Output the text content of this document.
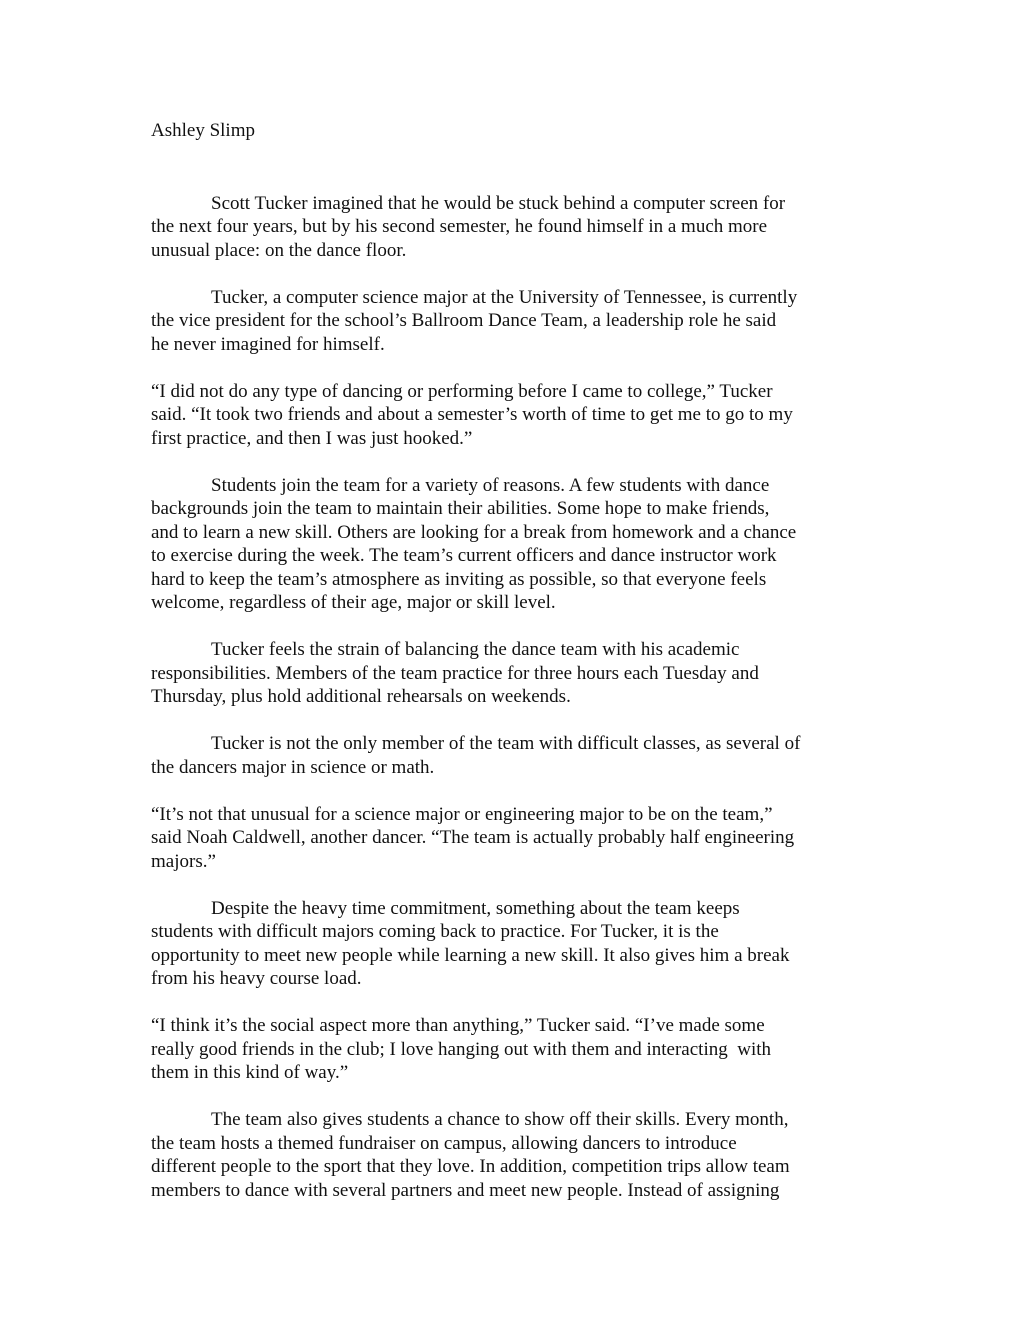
Ashley Slimp
Scott Tucker imagined that he would be stuck behind a computer screen for
the next four years, but by his second semester, he found himself in a much more
unusual place: on the dance floor.
Tucker, a computer science major at the University of Tennessee, is currently
the vice president for the school’s Ballroom Dance Team, a leadership role he said
he never imagined for himself.
“I did not do any type of dancing or performing before I came to college,” Tucker
said. “It took two friends and about a semester’s worth of time to get me to go to my
first practice, and then I was just hooked.”
Students join the team for a variety of reasons. A few students with dance
backgrounds join the team to maintain their abilities. Some hope to make friends,
and to learn a new skill. Others are looking for a break from homework and a chance
to exercise during the week. The team’s current officers and dance instructor work
hard to keep the team’s atmosphere as inviting as possible, so that everyone feels
welcome, regardless of their age, major or skill level.
Tucker feels the strain of balancing the dance team with his academic
responsibilities. Members of the team practice for three hours each Tuesday and
Thursday, plus hold additional rehearsals on weekends.
Tucker is not the only member of the team with difficult classes, as several of
the dancers major in science or math.
“It’s not that unusual for a science major or engineering major to be on the team,”
said Noah Caldwell, another dancer. “The team is actually probably half engineering
majors.”
Despite the heavy time commitment, something about the team keeps
students with difficult majors coming back to practice. For Tucker, it is the
opportunity to meet new people while learning a new skill. It also gives him a break
from his heavy course load.
“I think it’s the social aspect more than anything,” Tucker said. “I’ve made some
really good friends in the club; I love hanging out with them and interacting  with
them in this kind of way.”
The team also gives students a chance to show off their skills. Every month,
the team hosts a themed fundraiser on campus, allowing dancers to introduce
different people to the sport that they love. In addition, competition trips allow team
members to dance with several partners and meet new people. Instead of assigning
